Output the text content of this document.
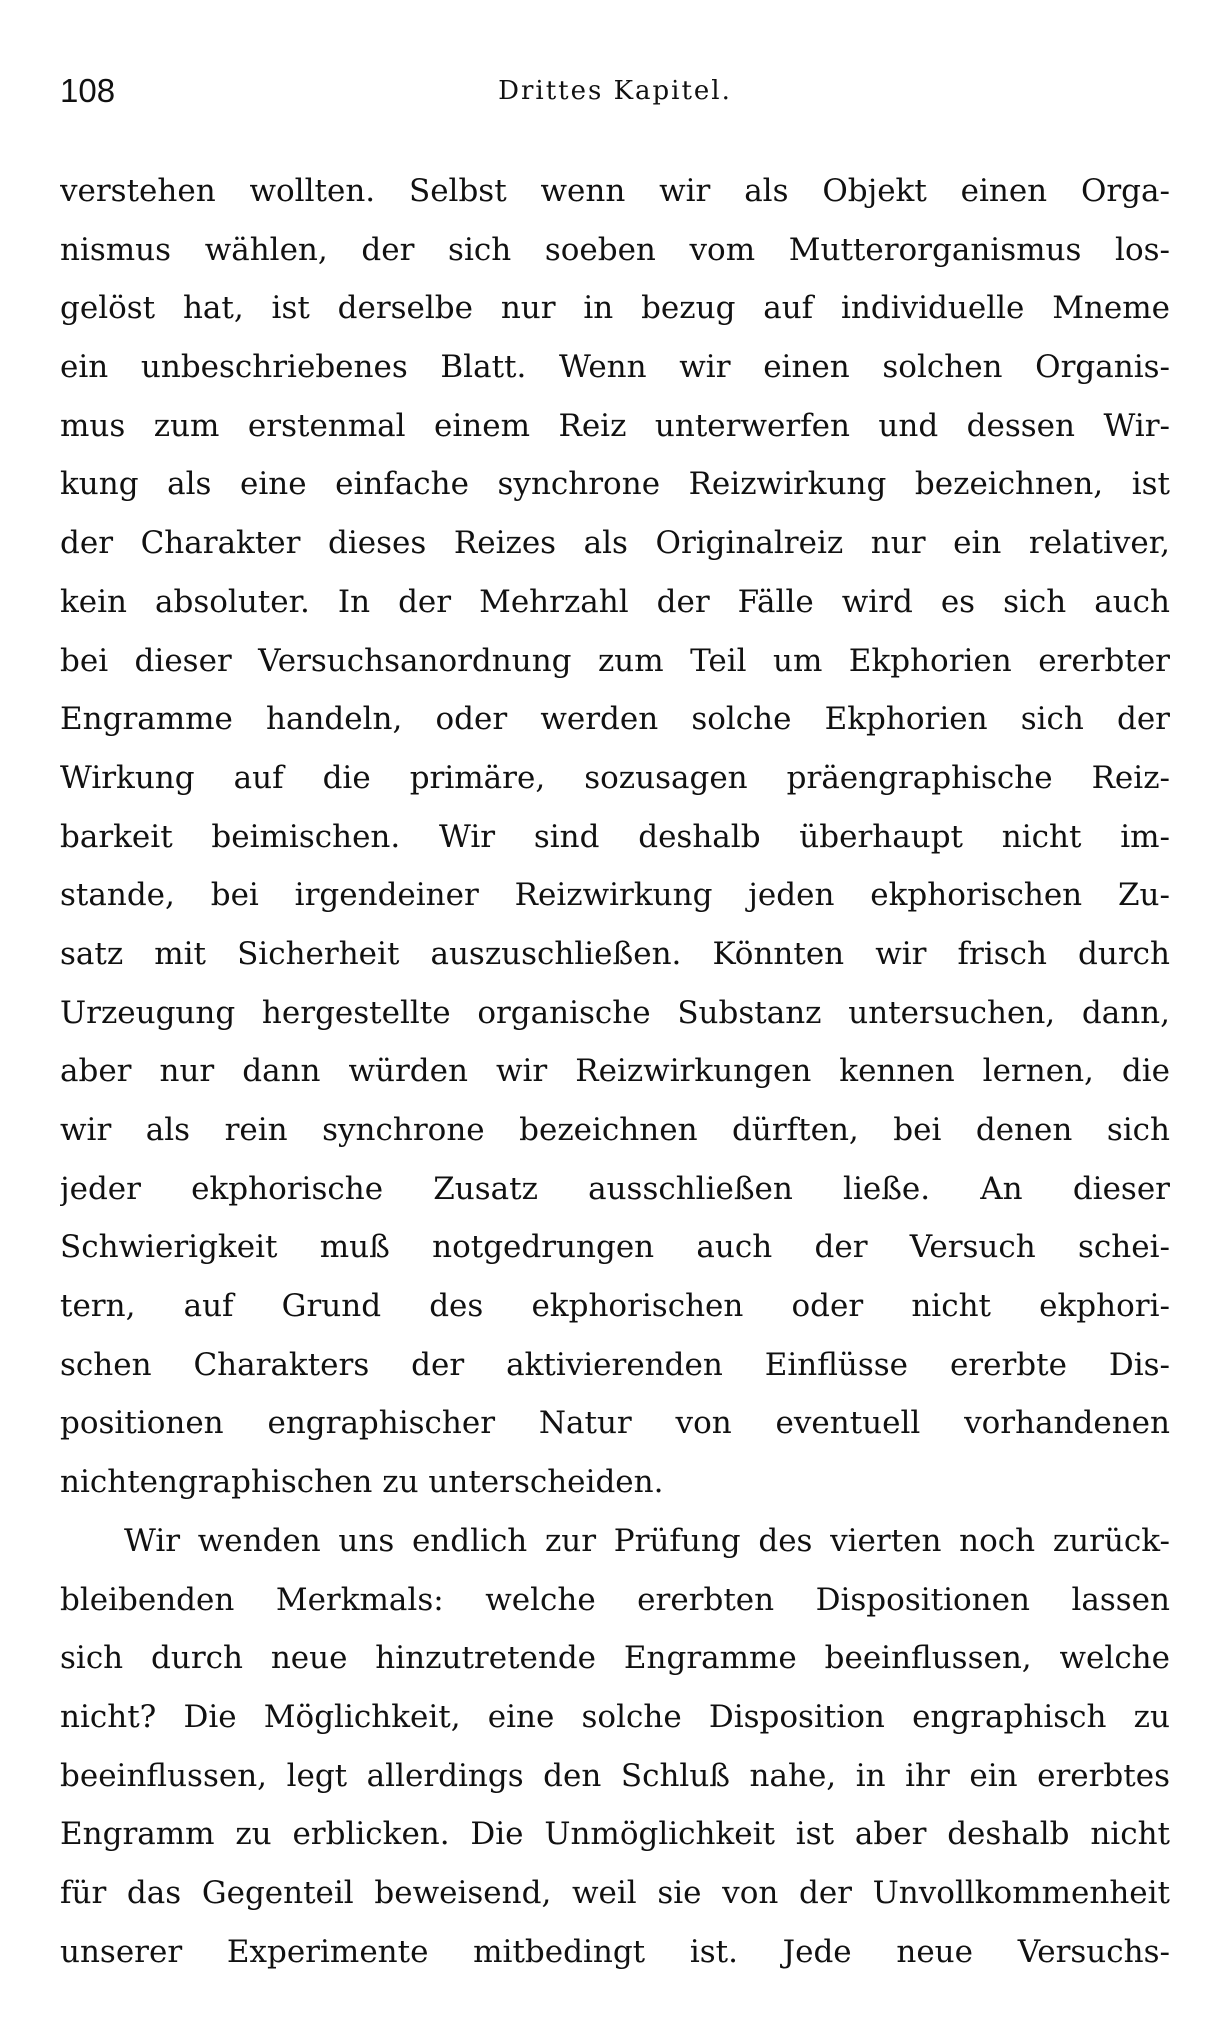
108	Drittes Kapitel.
verstehen wollten. Selbst wenn wir als Objekt einen Orga-
nismus wählen, der sich soeben vom Mutterorganismus los-
gelöst hat, ist derselbe nur in bezug auf individuelle Mneme
ein unbeschriebenes Blatt. Wenn wir einen solchen Organis-
mus zum erstenmal einem Reiz unterwerfen und dessen Wir-
kung als eine einfache synchrone Reizwirkung bezeichnen, ist
der Charakter dieses Reizes als Originalreiz nur ein relativer,
kein absoluter. In der Mehrzahl der Fälle wird es sich auch
bei dieser Versuchsanordnung zum Teil um Ekphorien ererbter
Engramme handeln, oder werden solche Ekphorien sich der
Wirkung auf die primäre, sozusagen präengraphische Reiz-
barkeit beimischen. Wir sind deshalb überhaupt nicht im-
stande, bei irgendeiner Reizwirkung jeden ekphorischen Zu-
satz mit Sicherheit auszuschließen. Könnten wir frisch durch
Urzeugung hergestellte organische Substanz untersuchen, dann,
aber nur dann würden wir Reizwirkungen kennen lernen, die
wir als rein synchrone bezeichnen dürften, bei denen sich
jeder ekphorische Zusatz ausschließen ließe. An dieser
Schwierigkeit muß notgedrungen auch der Versuch schei-
tern, auf Grund des ekphorischen oder nicht ekphori-
schen Charakters der aktivierenden Einflüsse ererbte Dis-
positionen engraphischer Natur von eventuell vorhandenen
nichtengraphischen zu unterscheiden.
Wir wenden uns endlich zur Prüfung des vierten noch zurück-
bleibenden Merkmals: welche ererbten Dispositionen lassen
sich durch neue hinzutretende Engramme beeinflussen, welche
nicht? Die Möglichkeit, eine solche Disposition engraphisch zu
beeinflussen, legt allerdings den Schluß nahe, in ihr ein ererbtes
Engramm zu erblicken. Die Unmöglichkeit ist aber deshalb nicht
für das Gegenteil beweisend, weil sie von der Unvollkommenheit
unserer Experimente mitbedingt ist. Jede neue Versuchs-
